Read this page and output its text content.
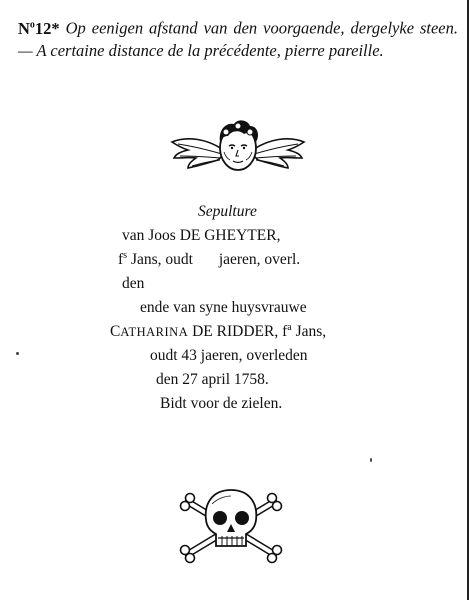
$N^o12*$ Op eenigen afstand van den voorgaende, dergelyke steen. — A certaine distance de la précédente, pierre pareille.
Sepulture
van Joos DE GHEYTER,
$f^s$ Jans, oudt jaeren, overl.
den
ende van syne huysvrauwe
CATHARINA DE RIDDER, $f^a$ Jans,
oudt 43 jaeren, overleden
den 27 april 1758.
Bidt voor de zielen.
